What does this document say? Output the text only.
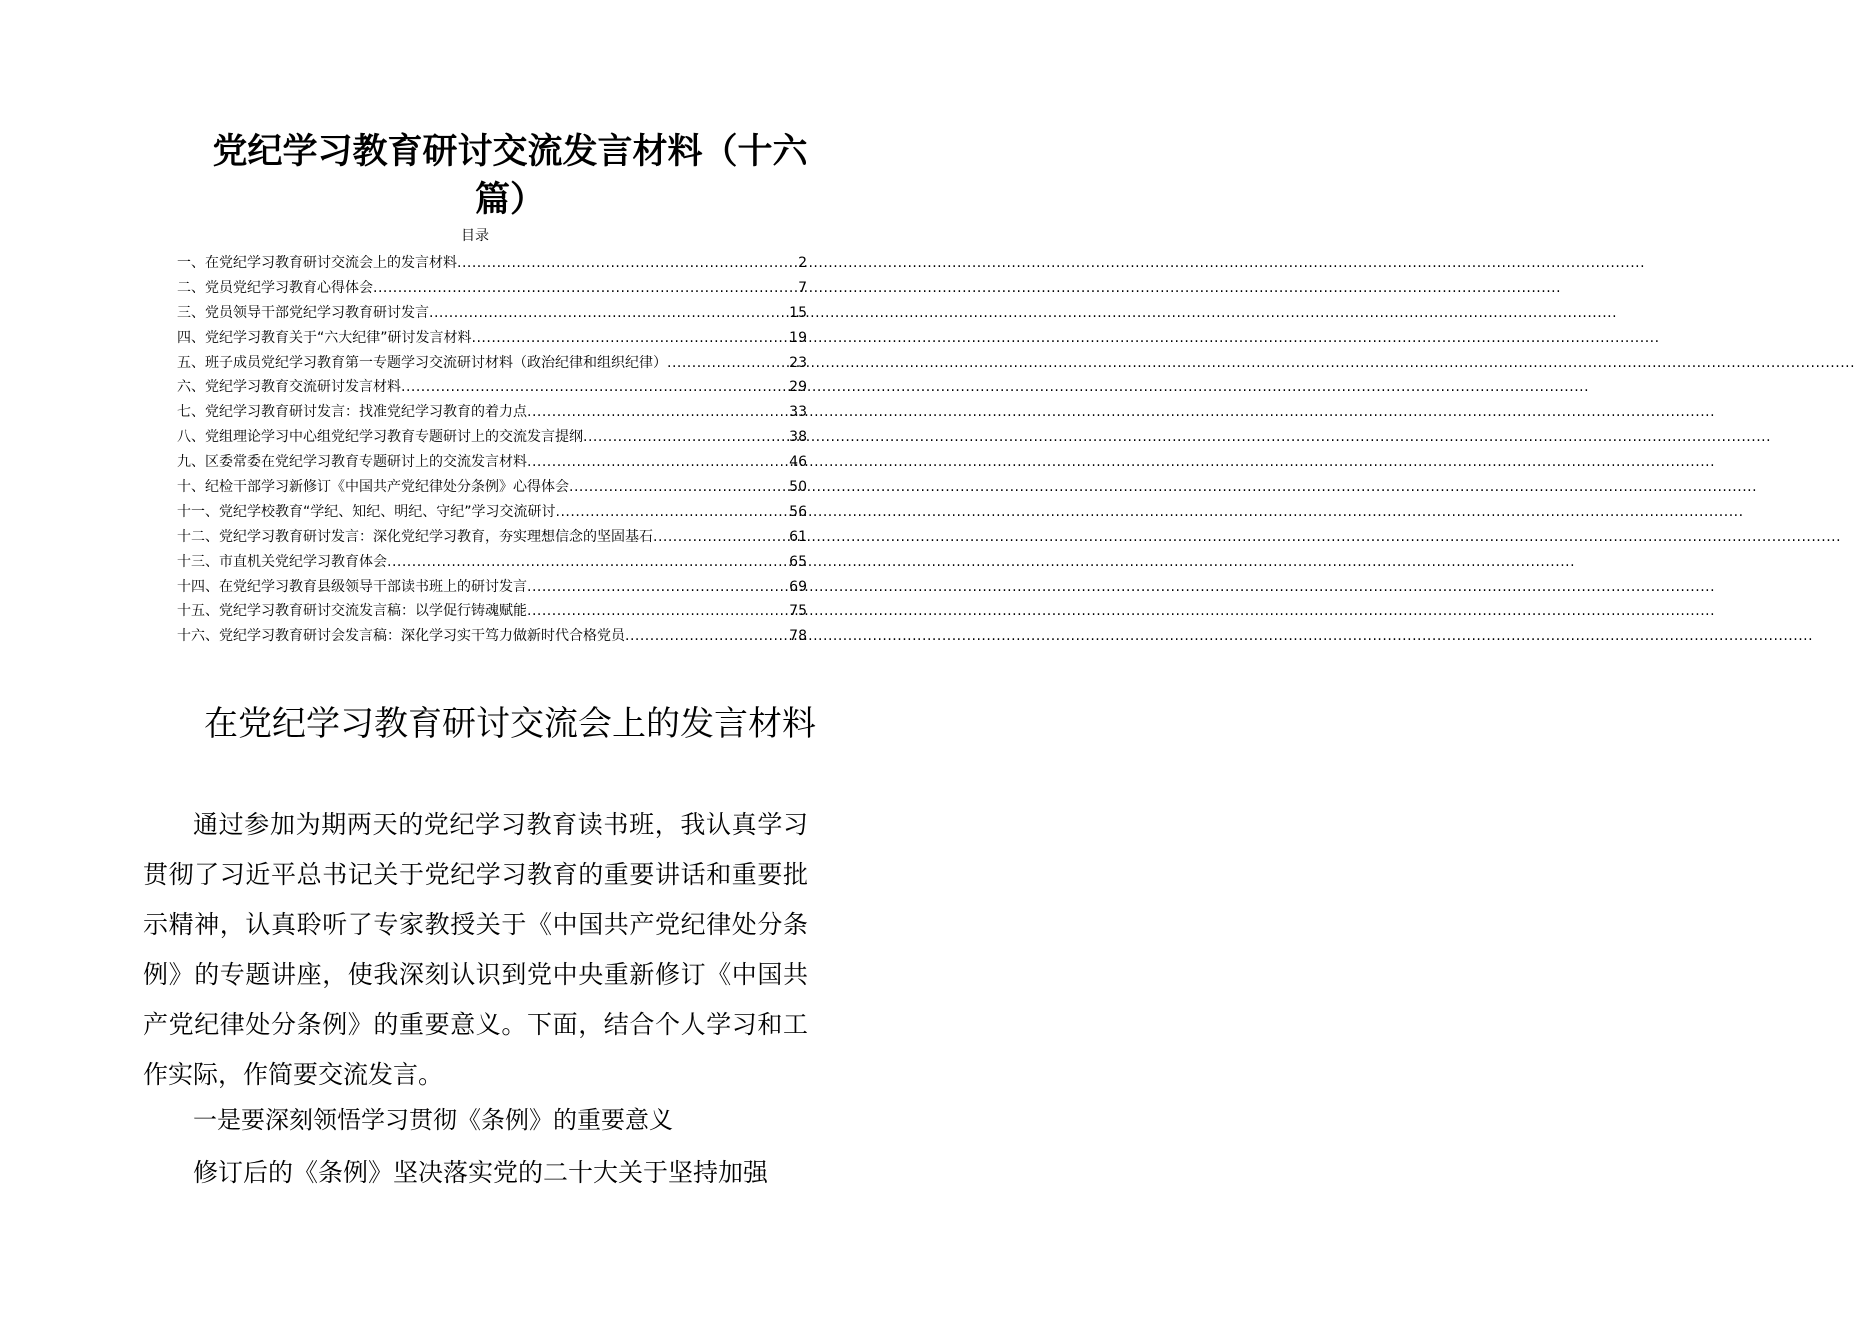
党纪学习教育研讨交流发言材料（十六篇）
目录
一、在党纪学习教育研讨交流会上的发言材料 .....	2
二、党员党纪学习教育心得体会 .....	7
三、党员领导干部党纪学习教育研讨发言 .....	15
四、党纪学习教育关于“六大纪律”研讨发言材料 .....	19
五、班子成员党纪学习教育第一专题学习交流研讨材料（政治纪律和组织纪律） .....	23
六、党纪学习教育交流研讨发言材料 .....	29
七、党纪学习教育研讨发言：找准党纪学习教育的着力点 .....	33
八、党组理论学习中心组党纪学习教育专题研讨上的交流发言提纲 .....	38
九、区委常委在党纪学习教育专题研讨上的交流发言材料 .....	46
十、纪检干部学习新修订《中国共产党纪律处分条例》心得体会 .....	50
十一、党纪学校教育“学纪、知纪、明纪、守纪”学习交流研讨 .....	56
十二、党纪学习教育研讨发言：深化党纪学习教育，夯实理想信念的坚固基石 .....	61
十三、市直机关党纪学习教育体会 .....	65
十四、在党纪学习教育县级领导干部读书班上的研讨发言 .....	69
十五、党纪学习教育研讨交流发言稿：以学促行铸魂赋能 .....	75
十六、党纪学习教育研讨会发言稿：深化学习实干笃力做新时代合格党员 .....	78
在党纪学习教育研讨交流会上的发言材料

通过参加为期两天的党纪学习教育读书班，我认真学习贯彻了习近平总书记关于党纪学习教育的重要讲话和重要批示精神，认真聆听了专家教授关于《中国共产党纪律处分条例》的专题讲座，使我深刻认识到党中央重新修订《中国共产党纪律处分条例》的重要意义。下面，结合个人学习和工作实际，作简要交流发言。

一是要深刻领悟学习贯彻《条例》的重要意义

修订后的《条例》坚决落实党的二十大关于坚持加强
